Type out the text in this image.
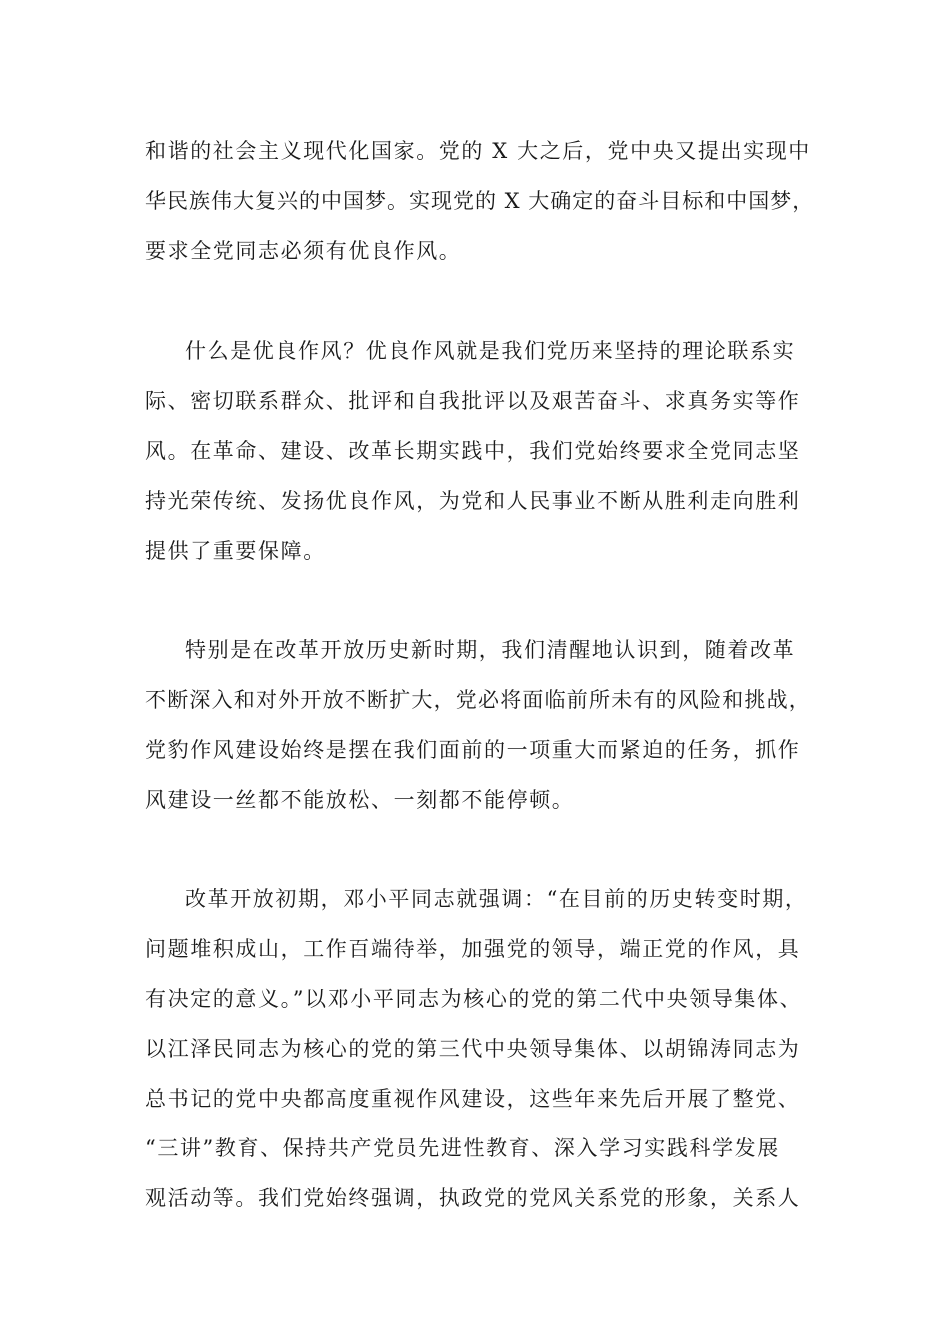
和谐的社会主义现代化国家。党的 X 大之后，党中央又提出实现中
华民族伟大复兴的中国梦。实现党的 X 大确定的奋斗目标和中国梦，
要求全党同志必须有优良作风。
什么是优良作风？优良作风就是我们党历来坚持的理论联系实
际、密切联系群众、批评和自我批评以及艰苦奋斗、求真务实等作
风。在革命、建设、改革长期实践中，我们党始终要求全党同志坚
持光荣传统、发扬优良作风，为党和人民事业不断从胜利走向胜利
提供了重要保障。
特别是在改革开放历史新时期，我们清醒地认识到，随着改革
不断深入和对外开放不断扩大，党必将面临前所未有的风险和挑战，
党豹作风建设始终是摆在我们面前的一项重大而紧迫的任务，抓作
风建设一丝都不能放松、一刻都不能停顿。
改革开放初期，邓小平同志就强调：“在目前的历史转变时期，
问题堆积成山，工作百端待举，加强党的领导，端正党的作风，具
有决定的意义。”以邓小平同志为核心的党的第二代中央领导集体、
以江泽民同志为核心的党的第三代中央领导集体、以胡锦涛同志为
总书记的党中央都高度重视作风建设，这些年来先后开展了整党、
“三讲”教育、保持共产党员先进性教育、深入学习实践科学发展
观活动等。我们党始终强调，执政党的党风关系党的形象，关系人
